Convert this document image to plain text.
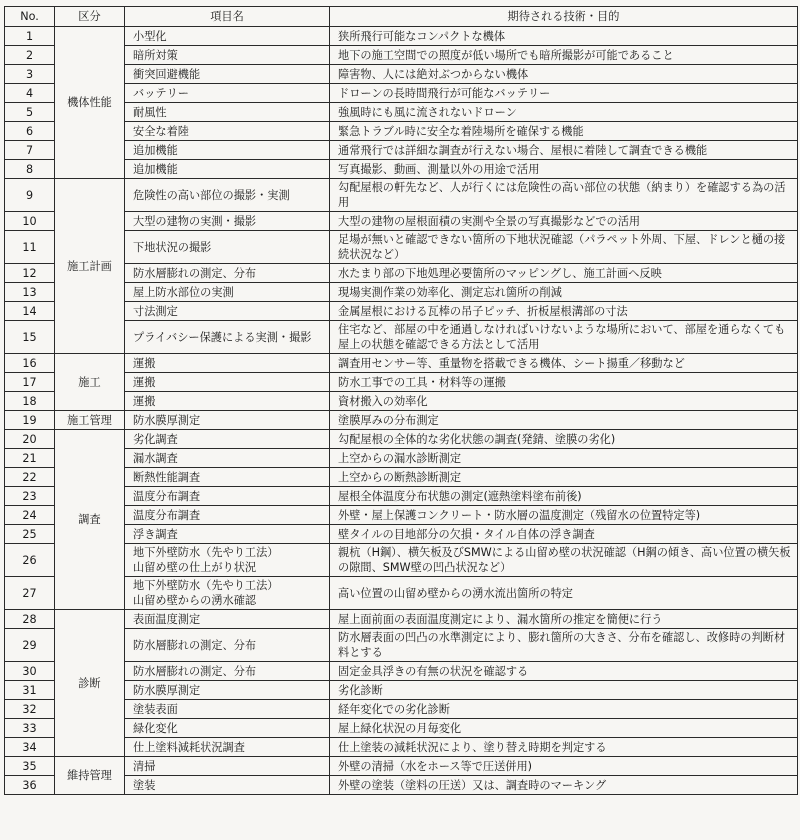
No.	区分	項目名	期待される技術・目的
1	機体性能	小型化	狭所飛行可能なコンパクトな機体
2		暗所対策	地下の施工空間での照度が低い場所でも暗所撮影が可能であること
3		衝突回避機能	障害物、人には絶対ぶつからない機体
4		バッテリー	ドローンの長時間飛行が可能なバッテリー
5		耐風性	強風時にも風に流されないドローン
6		安全な着陸	緊急トラブル時に安全な着陸場所を確保する機能
7		追加機能	通常飛行では詳細な調査が行えない場合、屋根に着陸して調査できる機能
8		追加機能	写真撮影、動画、測量以外の用途で活用
9	施工計画	危険性の高い部位の撮影・実測	勾配屋根の軒先など、人が行くには危険性の高い部位の状態（納まり）を確認する為の活用
10		大型の建物の実測・撮影	大型の建物の屋根面積の実測や全景の写真撮影などでの活用
11		下地状況の撮影	足場が無いと確認できない箇所の下地状況確認（パラペット外周、下屋、ドレンと樋の接続状況など）
12		防水層膨れの測定、分布	水たまり部の下地処理必要箇所のマッピングし、施工計画へ反映
13		屋上防水部位の実測	現場実測作業の効率化、測定忘れ箇所の削減
14		寸法測定	金属屋根における瓦棒の吊子ピッチ、折板屋根溝部の寸法
15		プライバシー保護による実測・撮影	住宅など、部屋の中を通過しなければいけないような場所において、部屋を通らなくても屋上の状態を確認できる方法として活用
16	施工	運搬	調査用センサー等、重量物を搭載できる機体、シート揚重／移動など
17		運搬	防水工事での工具・材料等の運搬
18		運搬	資材搬入の効率化
19	施工管理	防水膜厚測定	塗膜厚みの分布測定
20	調査	劣化調査	勾配屋根の全体的な劣化状態の調査(発錆、塗膜の劣化)
21		漏水調査	上空からの漏水診断測定
22		断熱性能調査	上空からの断熱診断測定
23		温度分布調査	屋根全体温度分布状態の測定(遮熱塗料塗布前後)
24		温度分布調査	外壁・屋上保護コンクリート・防水層の温度測定（残留水の位置特定等)
25		浮き調査	壁タイルの目地部分の欠損・タイル自体の浮き調査
26		地下外壁防水（先やり工法）
山留め壁の仕上がり状況	親杭（H鋼）、横矢板及びSMWによる山留め壁の状況確認（H鋼の傾き、高い位置の横矢板の隙間、SMW壁の凹凸状況など）
27		地下外壁防水（先やり工法）
山留め壁からの湧水確認	高い位置の山留め壁からの湧水流出箇所の特定
28	診断	表面温度測定	屋上面前面の表面温度測定により、漏水箇所の推定を簡便に行う
29		防水層膨れの測定、分布	防水層表面の凹凸の水準測定により、膨れ箇所の大きさ、分布を確認し、改修時の判断材料とする
30		防水層膨れの測定、分布	固定金具浮きの有無の状況を確認する
31		防水膜厚測定	劣化診断
32		塗装表面	経年変化での劣化診断
33		緑化変化	屋上緑化状況の月毎変化
34		仕上塗料減耗状況調査	仕上塗装の減耗状況により、塗り替え時期を判定する
35	維持管理	清掃	外壁の清掃（水をホース等で圧送併用)
36		塗装	外壁の塗装（塗料の圧送）又は、調査時のマーキング
